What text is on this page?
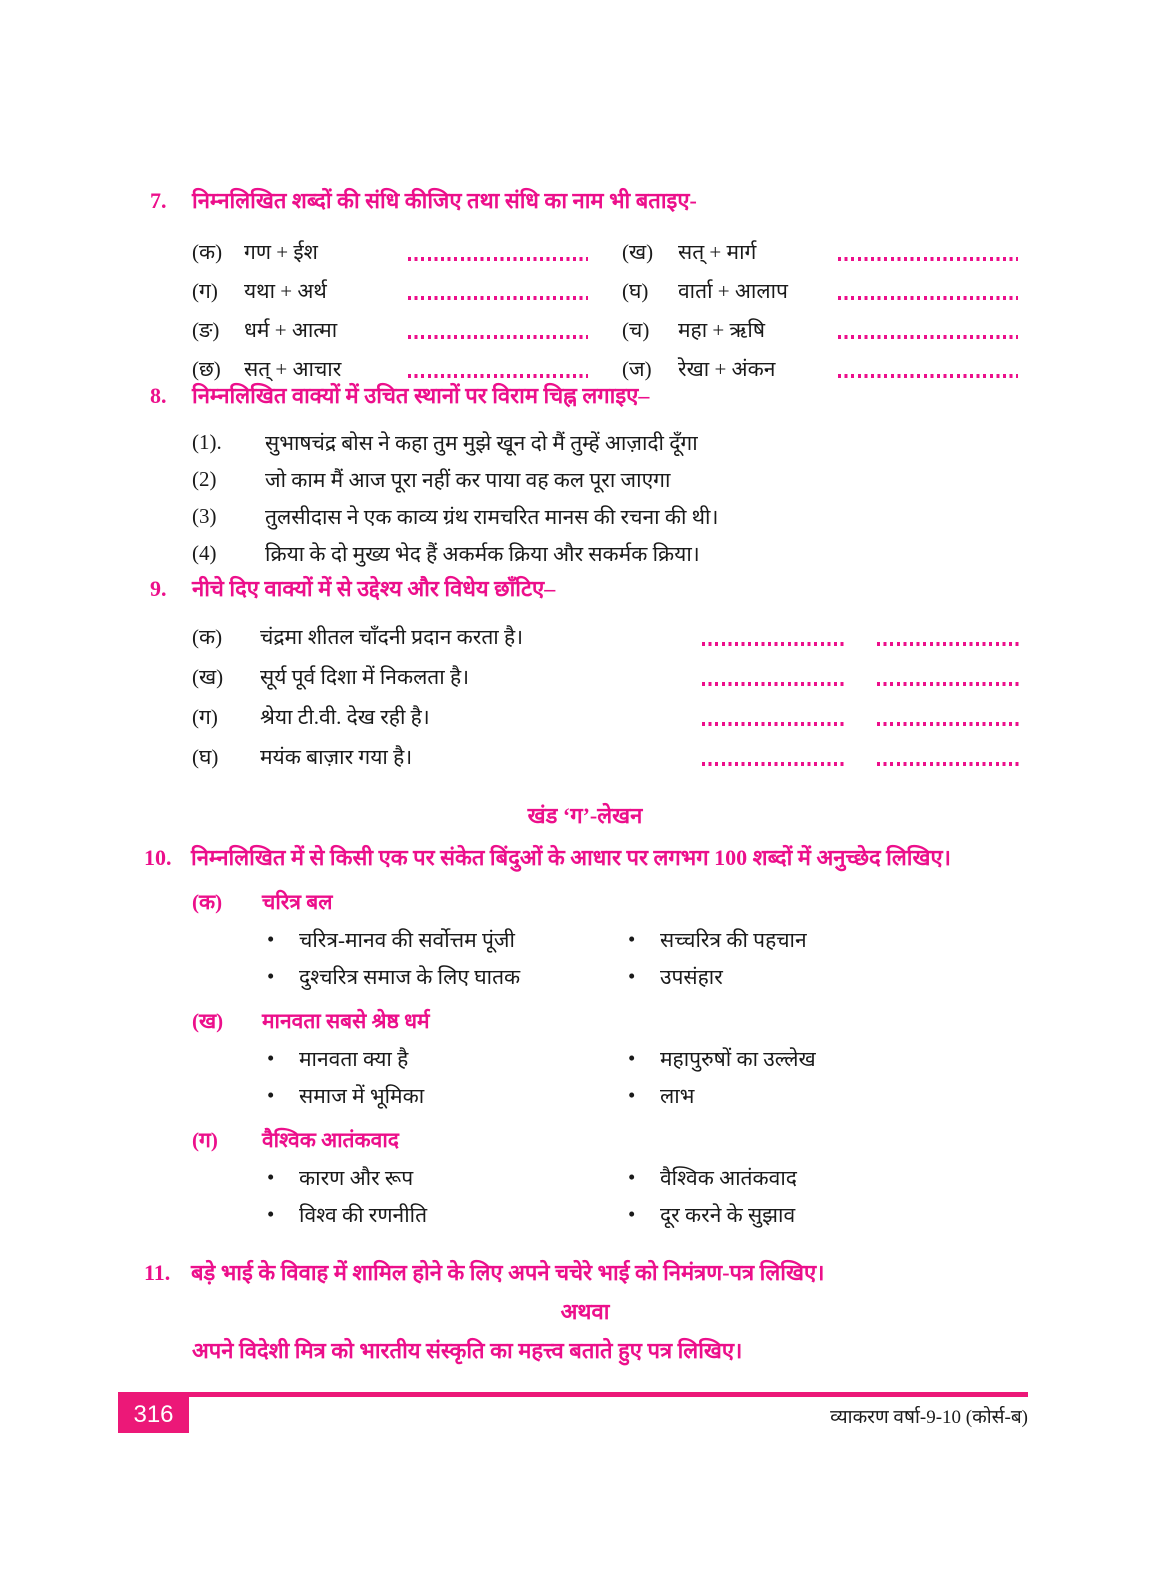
7.	निम्नलिखित शब्दों की संधि कीजिए तथा संधि का नाम भी बताइए-
(क)	गण + ईश	(ख)	सत् + मार्ग
(ग)	यथा + अर्थ	(घ)	वार्ता + आलाप
(ङ)	धर्म + आत्मा	(च)	महा + ऋषि
(छ)	सत् + आचार	(ज)	रेखा + अंकन
8.	निम्नलिखित वाक्यों में उचित स्थानों पर विराम चिह्न लगाइए–
(1).	सुभाषचंद्र बोस ने कहा तुम मुझे खून दो मैं तुम्हें आज़ादी दूँगा
(2)	जो काम मैं आज पूरा नहीं कर पाया वह कल पूरा जाएगा
(3)	तुलसीदास ने एक काव्य ग्रंथ रामचरित मानस की रचना की थी।
(4)	क्रिया के दो मुख्य भेद हैं अकर्मक क्रिया और सकर्मक क्रिया।
9.	नीचे दिए वाक्यों में से उद्देश्य और विधेय छाँटिए–
(क)	चंद्रमा शीतल चाँदनी प्रदान करता है।
(ख)	सूर्य पूर्व दिशा में निकलता है।
(ग)	श्रेया टी.वी. देख रही है।
(घ)	मयंक बाज़ार गया है।
खंड ‘ग’-लेखन
10. निम्नलिखित में से किसी एक पर संकेत बिंदुओं के आधार पर लगभग 100 शब्दों में अनुच्छेद लिखिए।
(क)	चरित्र बल
•
चरित्र-मानव की सर्वोत्तम पूंजी •	सच्चरित्र की पहचान
•
दुश्चरित्र समाज के लिए घातक •	उपसंहार
(ख)	मानवता सबसे श्रेष्ठ धर्म
•
मानवता क्या है •	महापुरुषों का उल्लेख
•
समाज में भूमिका •	लाभ
(ग)	वैश्विक आतंकवाद
•
कारण और रूप •	वैश्विक आतंकवाद
•
विश्व की रणनीति •	दूर करने के सुझाव
11. बड़े भाई के विवाह में शामिल होने के लिए अपने चचेरे भाई को निमंत्रण-पत्र लिखिए।
अथवा
अपने विदेशी मित्र को भारतीय संस्कृति का महत्त्व बताते हुए पत्र लिखिए।
316	व्याकरण वर्षा-9-10 (कोर्स-ब)
